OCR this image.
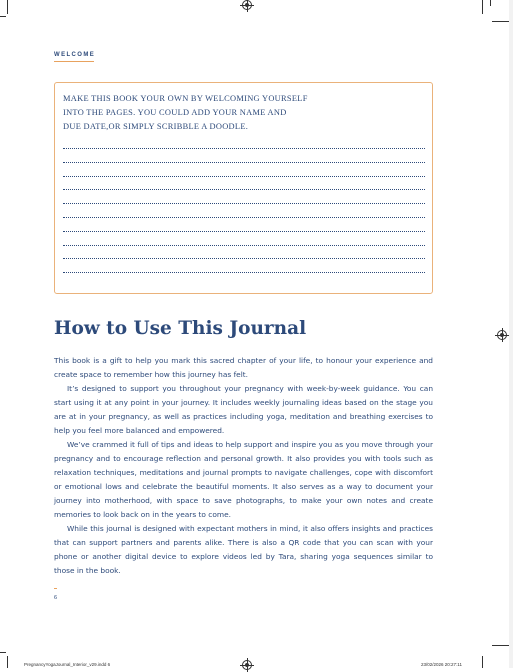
WELCOME
MAKE THIS BOOK YOUR OWN BY WELCOMING YOURSELF
INTO THE PAGES. YOU COULD ADD YOUR NAME AND
DUE DATE,OR SIMPLY SCRIBBLE A DOODLE.
How to Use This Journal

This book is a gift to help you mark this sacred chapter of your life, to honour your experience and create space to remember how this journey has felt.

It’s designed to support you throughout your pregnancy with week-by-week guidance. You can start using it at any point in your journey. It includes weekly journaling ideas based on the stage you are at in your pregnancy, as well as practices including yoga, meditation and breathing exercises to help you feel more balanced and empowered.

We’ve crammed it full of tips and ideas to help support and inspire you as you move through your pregnancy and to encourage reflection and personal growth. It also provides you with tools such as relaxation techniques, meditations and journal prompts to navigate challenges, cope with discomfort or emotional lows and celebrate the beautiful moments. It also serves as a way to document your journey into motherhood, with space to save photographs, to make your own notes and create memories to look back on in the years to come.

While this journal is designed with expectant mothers in mind, it also offers insights and practices that can support partners and parents alike. There is also a QR code that you can scan with your phone or another digital device to explore videos led by Tara, sharing yoga sequences similar to those in the book.

6
PregnancyYogaJournal_Interior_v29.indd 6	23/02/2026 20:27:11
